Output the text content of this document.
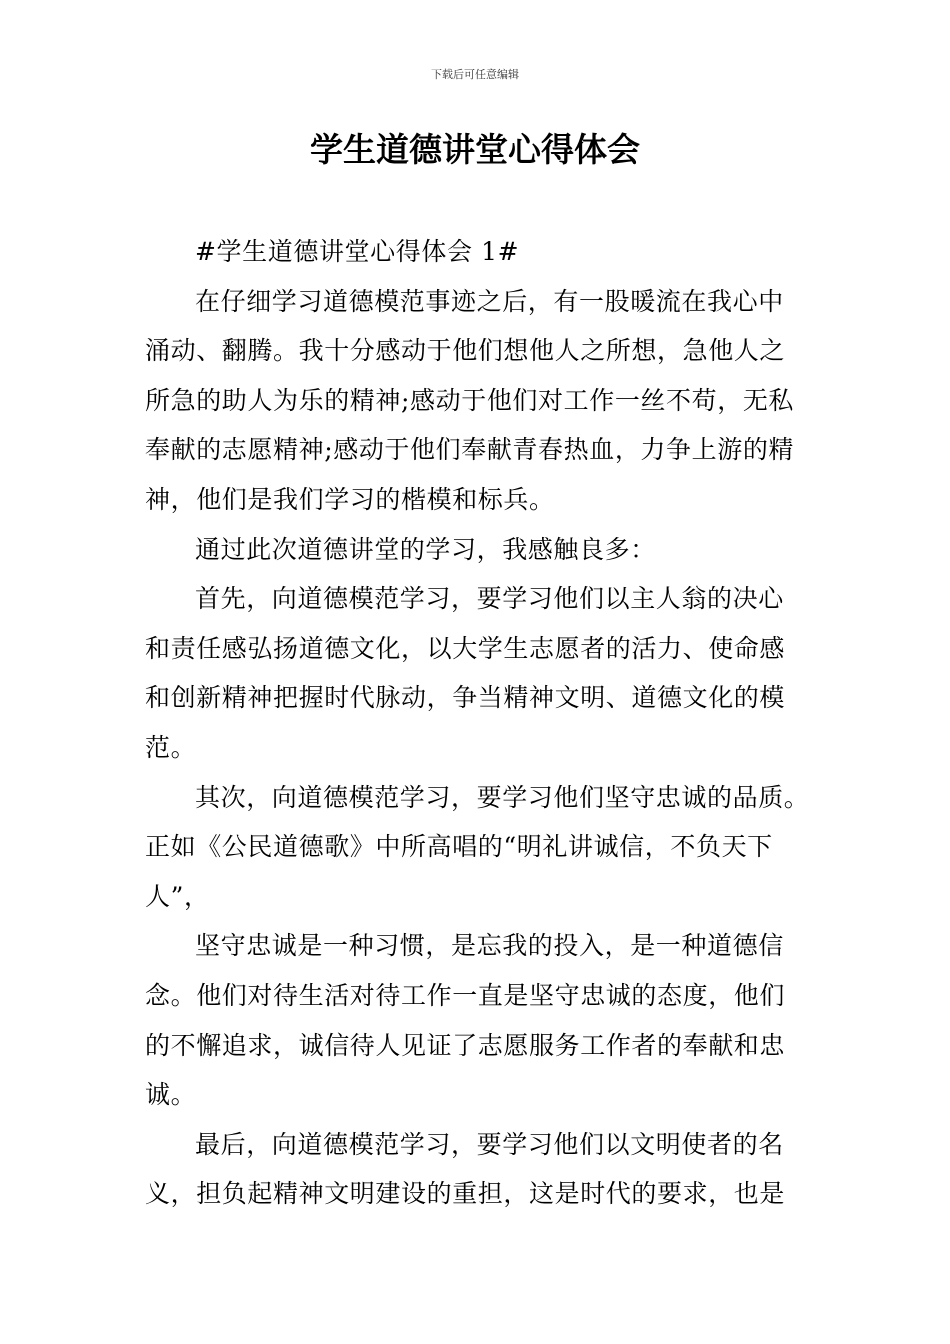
下载后可任意编辑
学生道德讲堂心得体会
#学生道德讲堂心得体会 1#
在仔细学习道德模范事迹之后，有一股暖流在我心中
涌动、翻腾。我十分感动于他们想他人之所想，急他人之
所急的助人为乐的精神;感动于他们对工作一丝不苟，无私
奉献的志愿精神;感动于他们奉献青春热血，力争上游的精
神，他们是我们学习的楷模和标兵。
通过此次道德讲堂的学习，我感触良多：
首先，向道德模范学习，要学习他们以主人翁的决心
和责任感弘扬道德文化，以大学生志愿者的活力、使命感
和创新精神把握时代脉动，争当精神文明、道德文化的模
范。
其次，向道德模范学习，要学习他们坚守忠诚的品质。
正如《公民道德歌》中所高唱的“明礼讲诚信，不负天下
人”，
坚守忠诚是一种习惯，是忘我的投入，是一种道德信
念。他们对待生活对待工作一直是坚守忠诚的态度，他们
的不懈追求，诚信待人见证了志愿服务工作者的奉献和忠
诚。
最后，向道德模范学习，要学习他们以文明使者的名
义，担负起精神文明建设的重担，这是时代的要求，也是
